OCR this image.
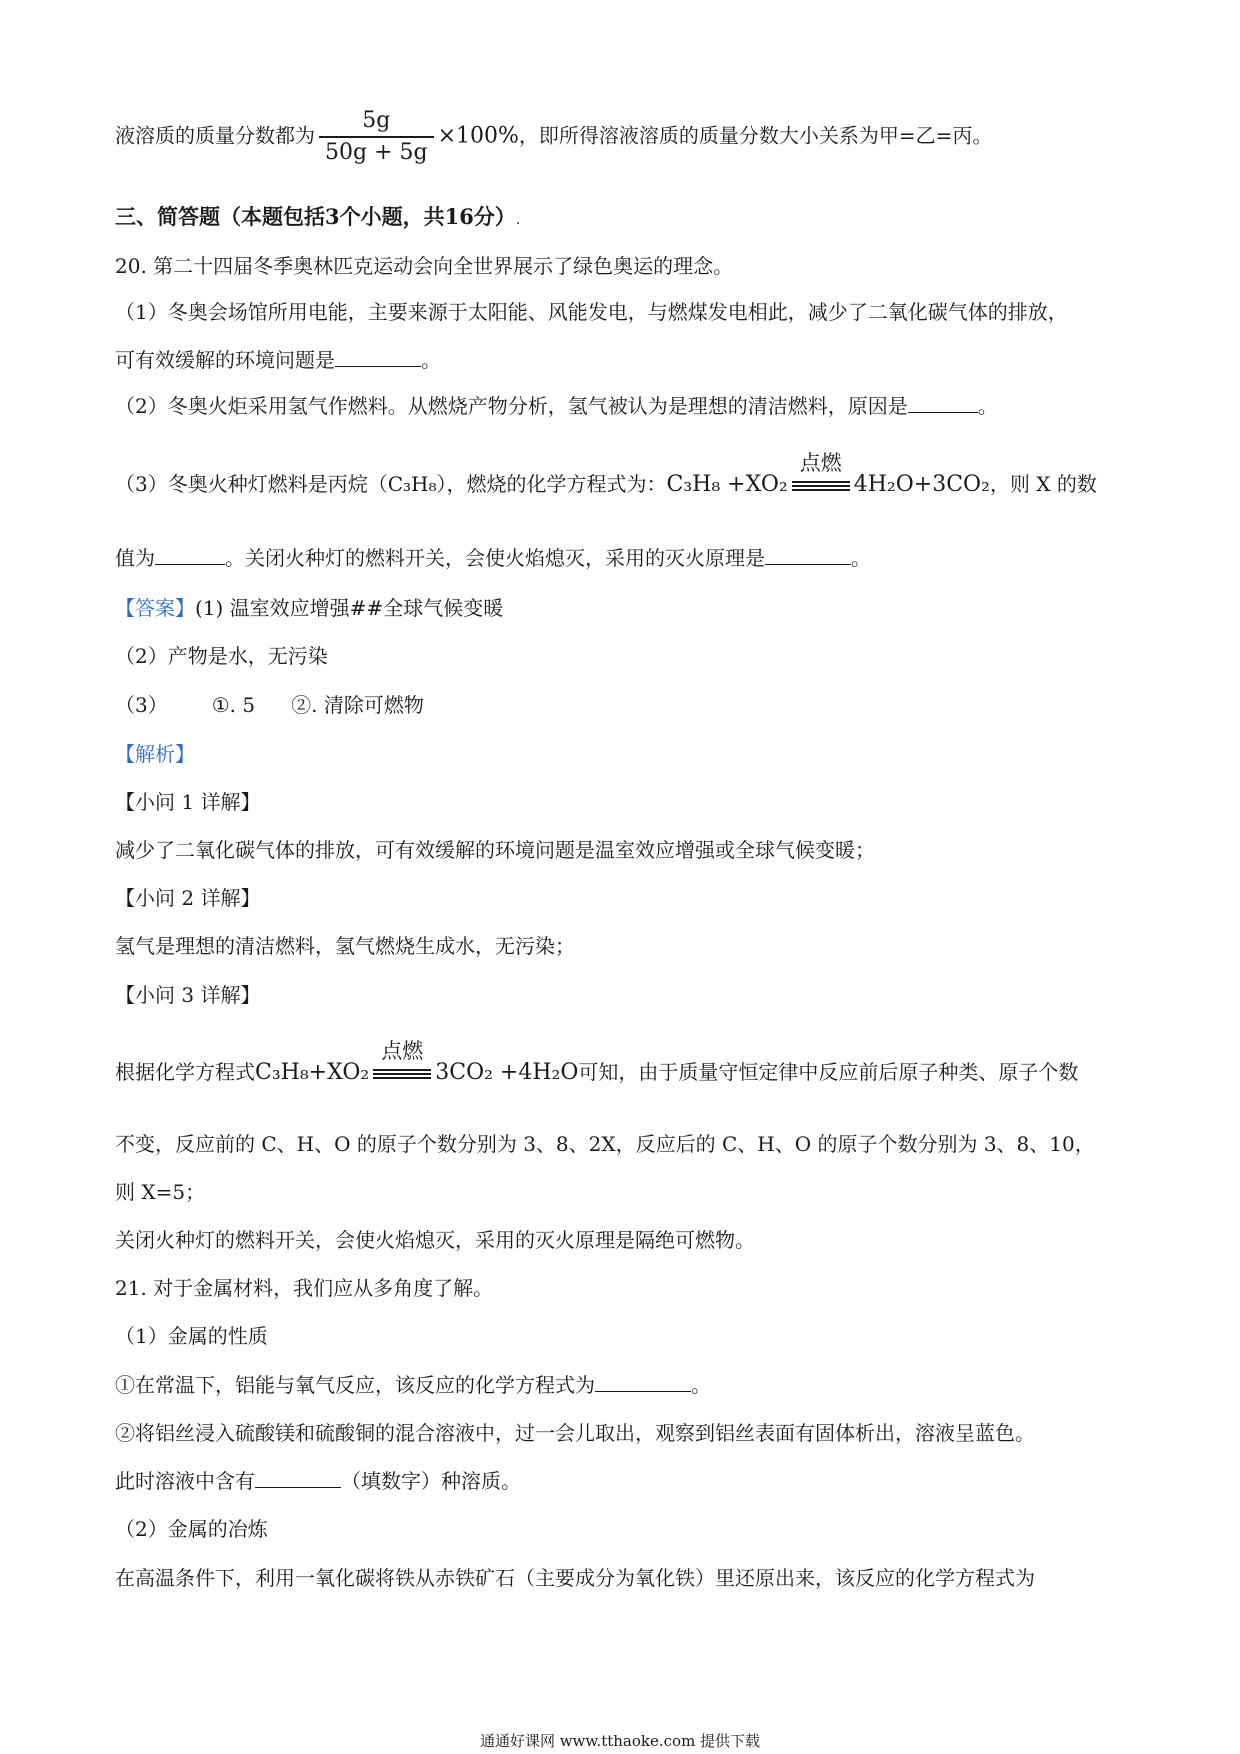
液溶质的质量分数都为 $\frac{5g}{50g + 5g} \times 100\%$，即所得溶液溶质的质量分数大小关系为甲=乙=丙。
三、简答题（本题包括3个小题，共16分）.
20. 第二十四届冬季奥林匹克运动会向全世界展示了绿色奥运的理念。
（1）冬奥会场馆所用电能，主要来源于太阳能、风能发电，与燃煤发电相此，减少了二氧化碳气体的排放，
可有效缓解的环境问题是	。
（2）冬奥火炬采用氢气作燃料。从燃烧产物分析，氢气被认为是理想的清洁燃料，原因是	。
（3）冬奥火种灯燃料是丙烷（C₃H₈），燃烧的化学方程式为：C₃H₈ +XO₂
点燃
4H₂O+3CO₂，则 X 的数
值为	。关闭火种灯的燃料开关，会使火焰熄灭，采用的灭火原理是	。
【答案】(1) 温室效应增强##全球气候变暖
（2）产物是水，无污染
（3） ①. 5 ②. 清除可燃物
【解析】
【小问 1 详解】
减少了二氧化碳气体的排放，可有效缓解的环境问题是温室效应增强或全球气候变暖；
【小问 2 详解】
氢气是理想的清洁燃料，氢气燃烧生成水，无污染；
【小问 3 详解】
根据化学方程式C₃H₈+XO₂
点燃
3CO₂ +4H₂O可知，由于质量守恒定律中反应前后原子种类、原子个数
不变，反应前的 C、H、O 的原子个数分别为 3、8、2X，反应后的 C、H、O 的原子个数分别为 3、8、10，
则 X=5；
关闭火种灯的燃料开关，会使火焰熄灭，采用的灭火原理是隔绝可燃物。
21. 对于金属材料，我们应从多角度了解。
（1）金属的性质
①在常温下，铝能与氧气反应，该反应的化学方程式为	。
②将铝丝浸入硫酸镁和硫酸铜的混合溶液中，过一会儿取出，观察到铝丝表面有固体析出，溶液呈蓝色。
此时溶液中含有	（填数字）种溶质。
（2）金属的冶炼
在高温条件下，利用一氧化碳将铁从赤铁矿石（主要成分为氧化铁）里还原出来，该反应的化学方程式为
通通好课网 www.tthaoke.com 提供下载
